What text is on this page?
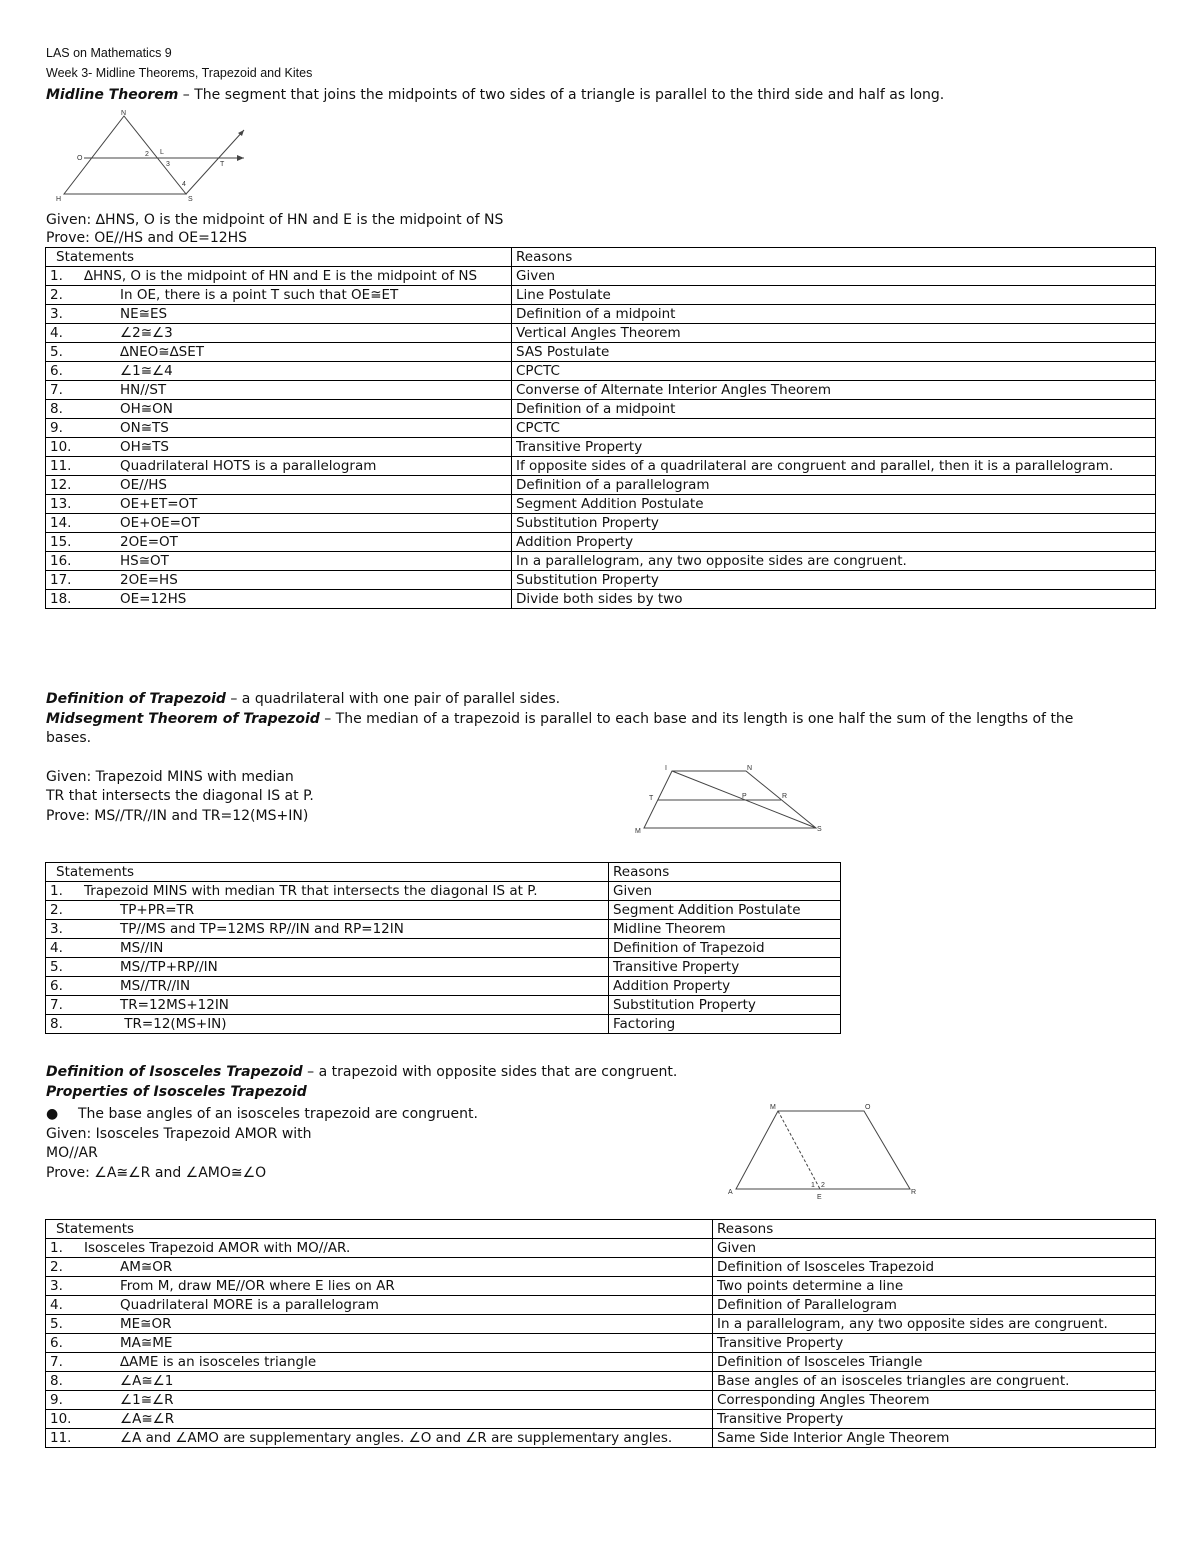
LAS on Mathematics 9
Week 3- Midline Theorems, Trapezoid and Kites
Midline Theorem – The segment that joins the midpoints of two sides of a triangle is parallel to the third side and half as long.
N
O
2 L
3	T
H	S
4
Given: ∆HNS, O is the midpoint of HN and E is the midpoint of NS
Prove: OE//HS and OE=12HS
Statements	Reasons
1. ∆HNS, O is the midpoint of HN and E is the midpoint of NS	Given
2. In OE, there is a point T such that OE≅ET	Line Postulate
3. NE≅ES	Definition of a midpoint
4. ∠2≅∠3	Vertical Angles Theorem
5. ∆NEO≅∆SET	SAS Postulate
6. ∠1≅∠4	CPCTC
7. HN//ST	Converse of Alternate Interior Angles Theorem
8. OH≅ON	Definition of a midpoint
9. ON≅TS	CPCTC
10. OH≅TS	Transitive Property
11. Quadrilateral HOTS is a parallelogram	If opposite sides of a quadrilateral are congruent and parallel, then it is a parallelogram.
12. OE//HS	Definition of a parallelogram
13. OE+ET=OT	Segment Addition Postulate
14. OE+OE=OT	Substitution Property
15. 2OE=OT	Addition Property
16. HS≅OT	In a parallelogram, any two opposite sides are congruent.
17. 2OE=HS	Substitution Property
18. OE=12HS	Divide both sides by two
Definition of Trapezoid – a quadrilateral with one pair of parallel sides.
Midsegment Theorem of Trapezoid – The median of a trapezoid is parallel to each base and its length is one half the sum of the lengths of the
bases.
Given: Trapezoid MINS with median
TR that intersects the diagonal IS at P.
Prove: MS//TR//IN and TR=12(MS+IN)
I	N
T	P	R
M	S
Statements	Reasons
1. Trapezoid MINS with median TR that intersects the diagonal IS at P.	Given
2. TP+PR=TR	Segment Addition Postulate
3. TP//MS and TP=12MS RP//IN and RP=12IN	Midline Theorem
4. MS//IN	Definition of Trapezoid
5. MS//TP+RP//IN	Transitive Property
6. MS//TR//IN	Addition Property
7. TR=12MS+12IN	Substitution Property
8. TR=12(MS+IN)	Factoring
Definition of Isosceles Trapezoid – a trapezoid with opposite sides that are congruent.
Properties of Isosceles Trapezoid
● The base angles of an isosceles trapezoid are congruent.
Given: Isosceles Trapezoid AMOR with
MO//AR
Prove: ∠A≅∠R and ∠AMO≅∠O
M	O
A
1 2
E
R
Statements	Reasons
1. Isosceles Trapezoid AMOR with MO//AR.	Given
2. AM≅OR	Definition of Isosceles Trapezoid
3. From M, draw ME//OR where E lies on AR	Two points determine a line
4. Quadrilateral MORE is a parallelogram	Definition of Parallelogram
5. ME≅OR	In a parallelogram, any two opposite sides are congruent.
6. MA≅ME	Transitive Property
7. ∆AME is an isosceles triangle	Definition of Isosceles Triangle
8. ∠A≅∠1	Base angles of an isosceles triangles are congruent.
9. ∠1≅∠R	Corresponding Angles Theorem
10. ∠A≅∠R	Transitive Property
11. ∠A and ∠AMO are supplementary angles. ∠O and ∠R are supplementary angles.	Same Side Interior Angle Theorem
